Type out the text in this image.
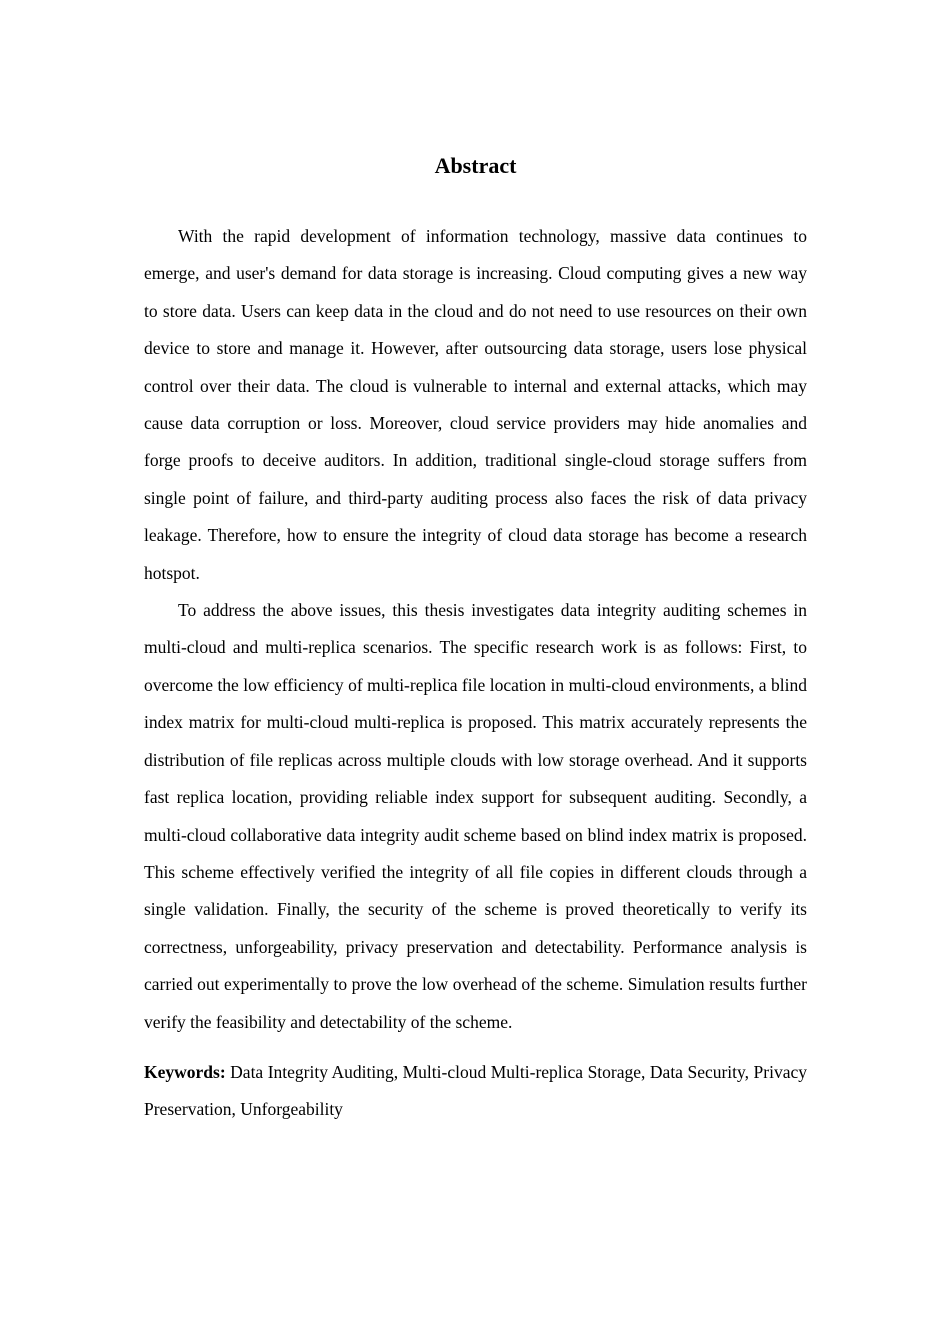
Abstract

With the rapid development of information technology, massive data continues to emerge, and user's demand for data storage is increasing. Cloud computing gives a new way to store data. Users can keep data in the cloud and do not need to use resources on their own device to store and manage it. However, after outsourcing data storage, users lose physical control over their data. The cloud is vulnerable to internal and external attacks, which may cause data corruption or loss. Moreover, cloud service providers may hide anomalies and forge proofs to deceive auditors. In addition, traditional single-cloud storage suffers from single point of failure, and third-party auditing process also faces the risk of data privacy leakage. Therefore, how to ensure the integrity of cloud data storage has become a research hotspot.

To address the above issues, this thesis investigates data integrity auditing schemes in multi-cloud and multi-replica scenarios. The specific research work is as follows: First, to overcome the low efficiency of multi-replica file location in multi-cloud environments, a blind index matrix for multi-cloud multi-replica is proposed. This matrix accurately represents the distribution of file replicas across multiple clouds with low storage overhead. And it supports fast replica location, providing reliable index support for subsequent auditing. Secondly, a multi-cloud collaborative data integrity audit scheme based on blind index matrix is proposed. This scheme effectively verified the integrity of all file copies in different clouds through a single validation. Finally, the security of the scheme is proved theoretically to verify its correctness, unforgeability, privacy preservation and detectability. Performance analysis is carried out experimentally to prove the low overhead of the scheme. Simulation results further verify the feasibility and detectability of the scheme.

Keywords: Data Integrity Auditing, Multi-cloud Multi-replica Storage, Data Security, Privacy Preservation, Unforgeability
